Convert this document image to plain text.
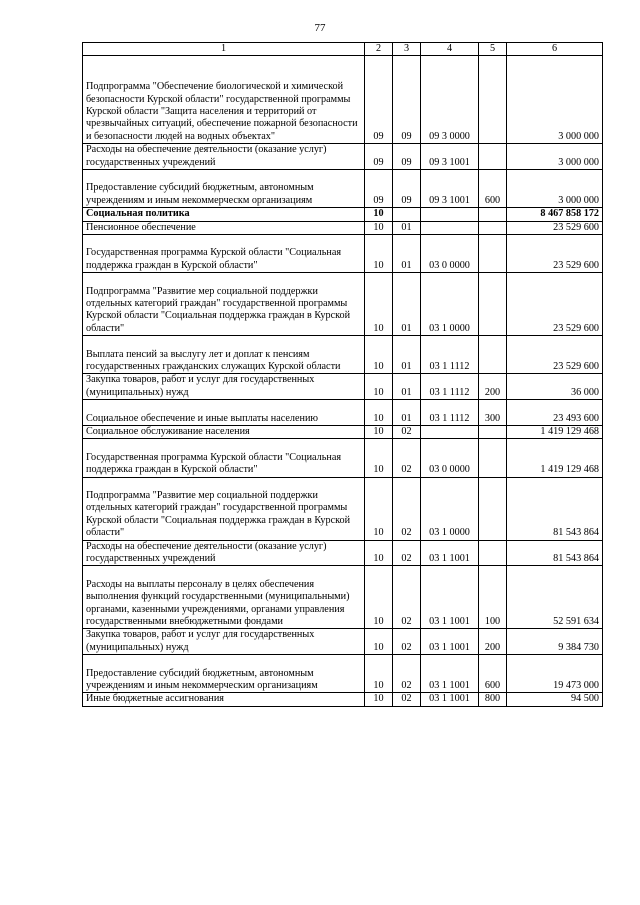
77
1	2	3	4	5	6
Подпрограмма "Обеспечение биологической и химической безопасности Курской области" государственной программы Курской области "Защита населения и территорий от чрезвычайных ситуаций, обеспечение пожарной безопасности и безопасности людей на водных объектах"	09	09	09 3 0000		3 000 000
Расходы на обеспечение деятельности (оказание услуг) государственных учреждений	09	09	09 3 1001		3 000 000
Предоставление субсидий бюджетным, автономным учреждениям и иным некоммерческм организациям	09	09	09 3 1001	600	3 000 000
Социальная политика	10				8 467 858 172
Пенсионное обеспечение	10	01			23 529 600
Государственная программа Курской области "Социальная поддержка граждан в Курской области"	10	01	03 0 0000		23 529 600
Подпрограмма "Развитие мер социальной поддержки отдельных категорий граждан" государственной программы Курской области "Социальная поддержка граждан в Курской области"	10	01	03 1 0000		23 529 600
Выплата пенсий за выслугу лет и доплат к пенсиям государственных гражданских служащих Курской области	10	01	03 1 1112		23 529 600
Закупка товаров, работ и услуг для государственных (муниципальных) нужд	10	01	03 1 1112	200	36 000
Социальное обеспечение и иные выплаты населению	10	01	03 1 1112	300	23 493 600
Социальное обслуживание населения	10	02			1 419 129 468
Государственная программа Курской области "Социальная поддержка граждан в Курской области"	10	02	03 0 0000		1 419 129 468
Подпрограмма "Развитие мер социальной поддержки отдельных категорий граждан" государственной программы Курской области "Социальная поддержка граждан в Курской области"	10	02	03 1 0000		81 543 864
Расходы на обеспечение деятельности (оказание услуг) государственных учреждений	10	02	03 1 1001		81 543 864
Расходы на выплаты персоналу в целях обеспечения выполнения функций государственными (муниципальными) органами, казенными учреждениями, органами управления государственными внебюджетными фондами	10	02	03 1 1001	100	52 591 634
Закупка товаров, работ и услуг для государственных (муниципальных) нужд	10	02	03 1 1001	200	9 384 730
Предоставление субсидий бюджетным, автономным учреждениям и иным некоммерческим организациям	10	02	03 1 1001	600	19 473 000
Иные бюджетные ассигнования	10	02	03 1 1001	800	94 500
